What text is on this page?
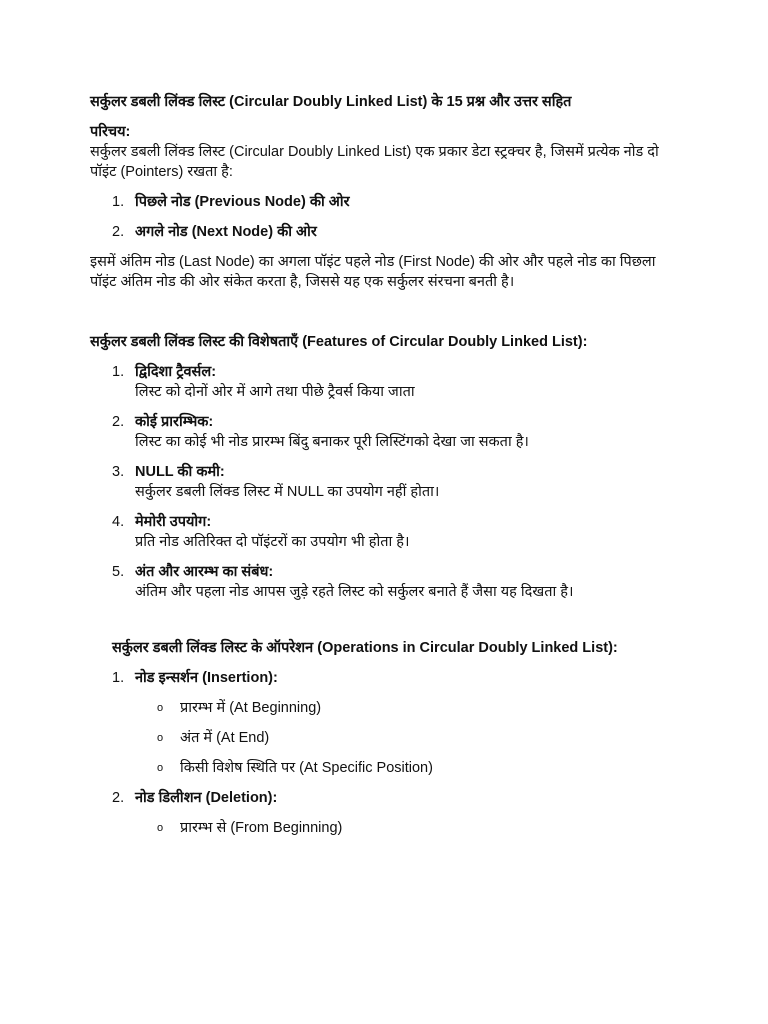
सर्कुलर डबली लिंक्ड लिस्ट (Circular Doubly Linked List) के 15 प्रश्न और उत्तर सहित

परिचय:

सर्कुलर डबली लिंक्ड लिस्ट (Circular Doubly Linked List) एक प्रकार डेटा स्ट्रक्चर है, जिसमें प्रत्येक नोड दो पॉइंट (Pointers) रखता है:

1. पिछले नोड (Previous Node) की ओर
2. अगले नोड (Next Node) की ओर

इसमें अंतिम नोड (Last Node) का अगला पॉइंट पहले नोड (First Node) की ओर और पहले नोड का पिछला पॉइंट अंतिम नोड की ओर संकेत करता है, जिससे यह एक सर्कुलर संरचना बनती है।

सर्कुलर डबली लिंक्ड लिस्ट की विशेषताएँ (Features of Circular Doubly Linked List):

1. द्विदिशा ट्रैवर्सल:
लिस्ट को दोनों ओर में आगे तथा पीछे ट्रैवर्स किया जाता
2. कोई प्रारम्भिक:
लिस्ट का कोई भी नोड प्रारम्भ बिंदु बनाकर पूरी लिस्टिंगको देखा जा सकता है।
3. NULL की कमी:
सर्कुलर डबली लिंक्ड लिस्ट में NULL का उपयोग नहीं होता।
4. मेमोरी उपयोग:
प्रति नोड अतिरिक्त दो पॉइंटरों का उपयोग भी होता है।
5. अंत और आरम्भ का संबंध:
अंतिम और पहला नोड आपस जुड़े रहते लिस्ट को सर्कुलर बनाते हैं जैसा यह दिखता है।

सर्कुलर डबली लिंक्ड लिस्ट के ऑपरेशन (Operations in Circular Doubly Linked List):

1. नोड इन्सर्शन (Insertion):
o प्रारम्भ में (At Beginning)
o अंत में (At End)
o किसी विशेष स्थिति पर (At Specific Position)
2. नोड डिलीशन (Deletion):
o प्रारम्भ से (From Beginning)
